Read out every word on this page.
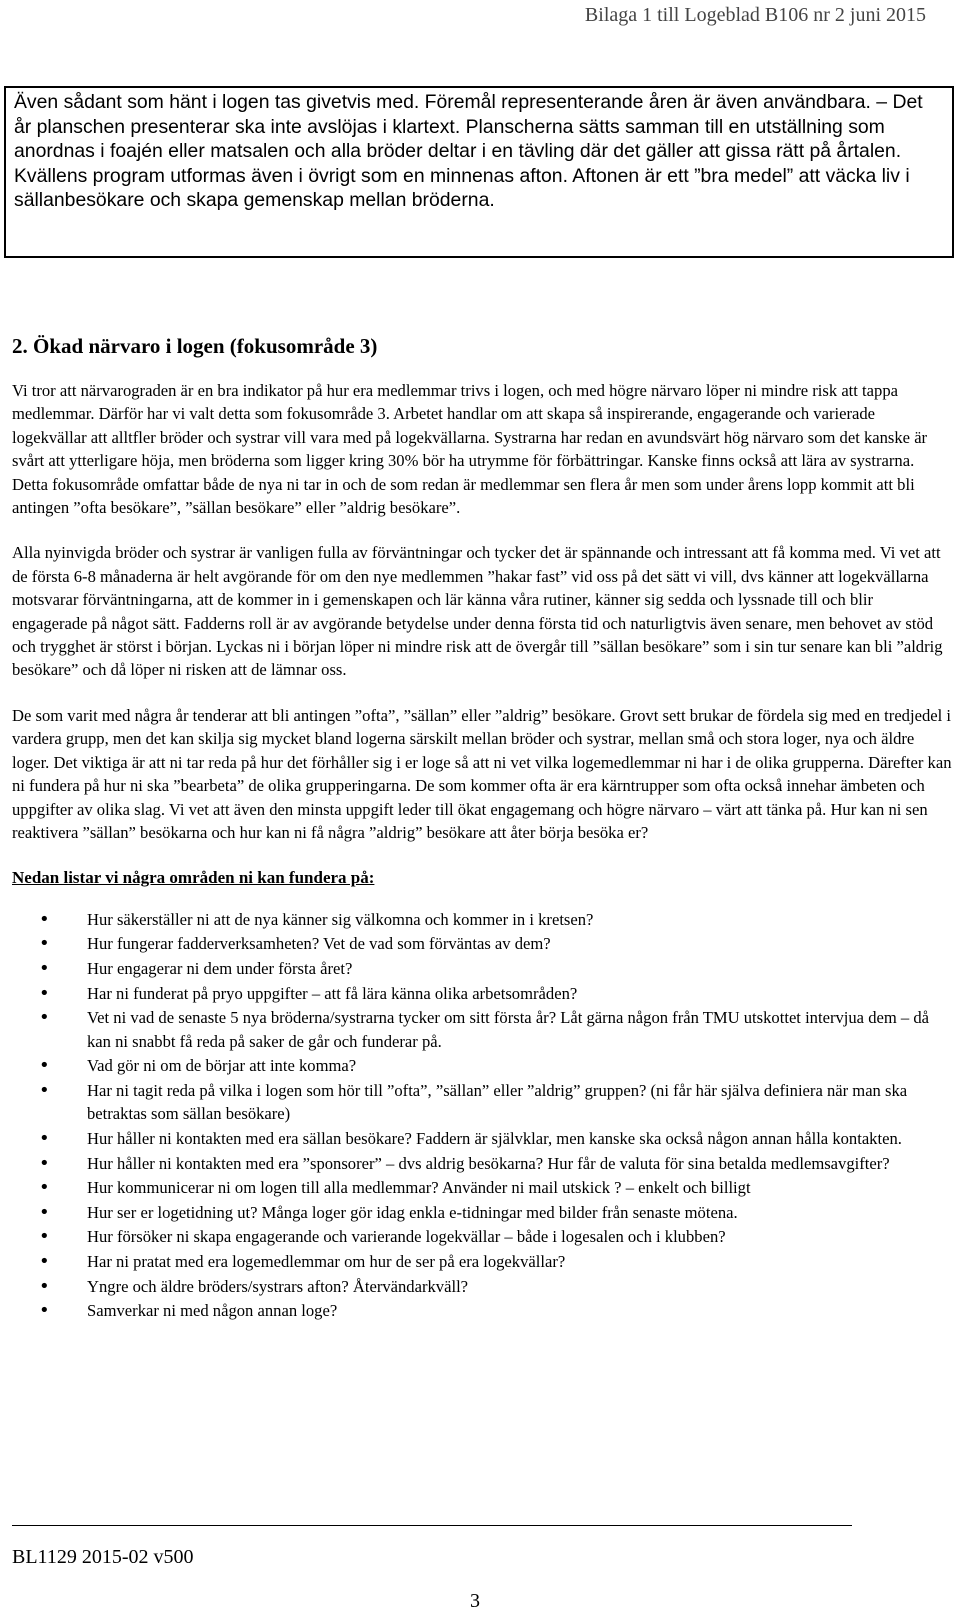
Bilaga 1 till Logeblad B106 nr 2 juni 2015

Även sådant som hänt i logen tas givetvis med. Föremål representerande åren är även användbara. – Det år planschen presenterar ska inte avslöjas i klartext. Planscherna sätts samman till en utställning som anordnas i foajén eller matsalen och alla bröder deltar i en tävling där det gäller att gissa rätt på årtalen. Kvällens program utformas även i övrigt som en minnenas afton. Aftonen är ett ”bra medel” att väcka liv i sällanbesökare och skapa gemenskap mellan bröderna.

2. Ökad närvaro i logen (fokusområde 3)

Vi tror att närvarograden är en bra indikator på hur era medlemmar trivs i logen, och med högre närvaro löper ni mindre risk att tappa medlemmar. Därför har vi valt detta som fokusområde 3. Arbetet handlar om att skapa så inspirerande, engagerande och varierade logekvällar att alltfler bröder och systrar vill vara med på logekvällarna. Systrarna har redan en avundsvärt hög närvaro som det kanske är svårt att ytterligare höja, men bröderna som ligger kring 30% bör ha utrymme för förbättringar. Kanske finns också att lära av systrarna. Detta fokusområde omfattar både de nya ni tar in och de som redan är medlemmar sen flera år men som under årens lopp kommit att bli antingen ”ofta besökare”, ”sällan besökare” eller ”aldrig besökare”.

Alla nyinvigda bröder och systrar är vanligen fulla av förväntningar och tycker det är spännande och intressant att få komma med. Vi vet att de första 6-8 månaderna är helt avgörande för om den nye medlemmen ”hakar fast” vid oss på det sätt vi vill, dvs känner att logekvällarna motsvarar förväntningarna, att de kommer in i gemenskapen och lär känna våra rutiner, känner sig sedda och lyssnade till och blir engagerade på något sätt. Fadderns roll är av avgörande betydelse under denna första tid och naturligtvis även senare, men behovet av stöd och trygghet är störst i början. Lyckas ni i början löper ni mindre risk att de övergår till ”sällan besökare” som i sin tur senare kan bli ”aldrig besökare” och då löper ni risken att de lämnar oss.

De som varit med några år tenderar att bli antingen ”ofta”, ”sällan” eller ”aldrig” besökare. Grovt sett brukar de fördela sig med en tredjedel i vardera grupp, men det kan skilja sig mycket bland logerna särskilt mellan bröder och systrar, mellan små och stora loger, nya och äldre loger. Det viktiga är att ni tar reda på hur det förhåller sig i er loge så att ni vet vilka logemedlemmar ni har i de olika grupperna. Därefter kan ni fundera på hur ni ska ”bearbeta” de olika grupperingarna. De som kommer ofta är era kärntrupper som ofta också innehar ämbeten och uppgifter av olika slag. Vi vet att även den minsta uppgift leder till ökat engagemang och högre närvaro – värt att tänka på. Hur kan ni sen reaktivera ”sällan” besökarna och hur kan ni få några ”aldrig” besökare att åter börja besöka er?

Nedan listar vi några områden ni kan fundera på:
• Hur säkerställer ni att de nya känner sig välkomna och kommer in i kretsen?
• Hur fungerar fadderverksamheten? Vet de vad som förväntas av dem?
• Hur engagerar ni dem under första året?
• Har ni funderat på pryo uppgifter – att få lära känna olika arbetsområden?
• Vet ni vad de senaste 5 nya bröderna/systrarna tycker om sitt första år? Låt gärna någon från TMU utskottet intervjua dem – då kan ni snabbt få reda på saker de går och funderar på.
• Vad gör ni om de börjar att inte komma?
• Har ni tagit reda på vilka i logen som hör till ”ofta”, ”sällan” eller ”aldrig” gruppen? (ni får här själva definiera när man ska betraktas som sällan besökare)
• Hur håller ni kontakten med era sällan besökare? Faddern är självklar, men kanske ska också någon annan hålla kontakten.
• Hur håller ni kontakten med era ”sponsorer” – dvs aldrig besökarna? Hur får de valuta för sina betalda medlemsavgifter?
• Hur kommunicerar ni om logen till alla medlemmar? Använder ni mail utskick ? – enkelt och billigt
• Hur ser er logetidning ut? Många loger gör idag enkla e-tidningar med bilder från senaste mötena.
• Hur försöker ni skapa engagerande och varierande logekvällar – både i logesalen och i klubben?
• Har ni pratat med era logemedlemmar om hur de ser på era logekvällar?
• Yngre och äldre bröders/systrars afton? Återvändarkväll?
• Samverkar ni med någon annan loge?
BL1129 2015-02 v500
3
